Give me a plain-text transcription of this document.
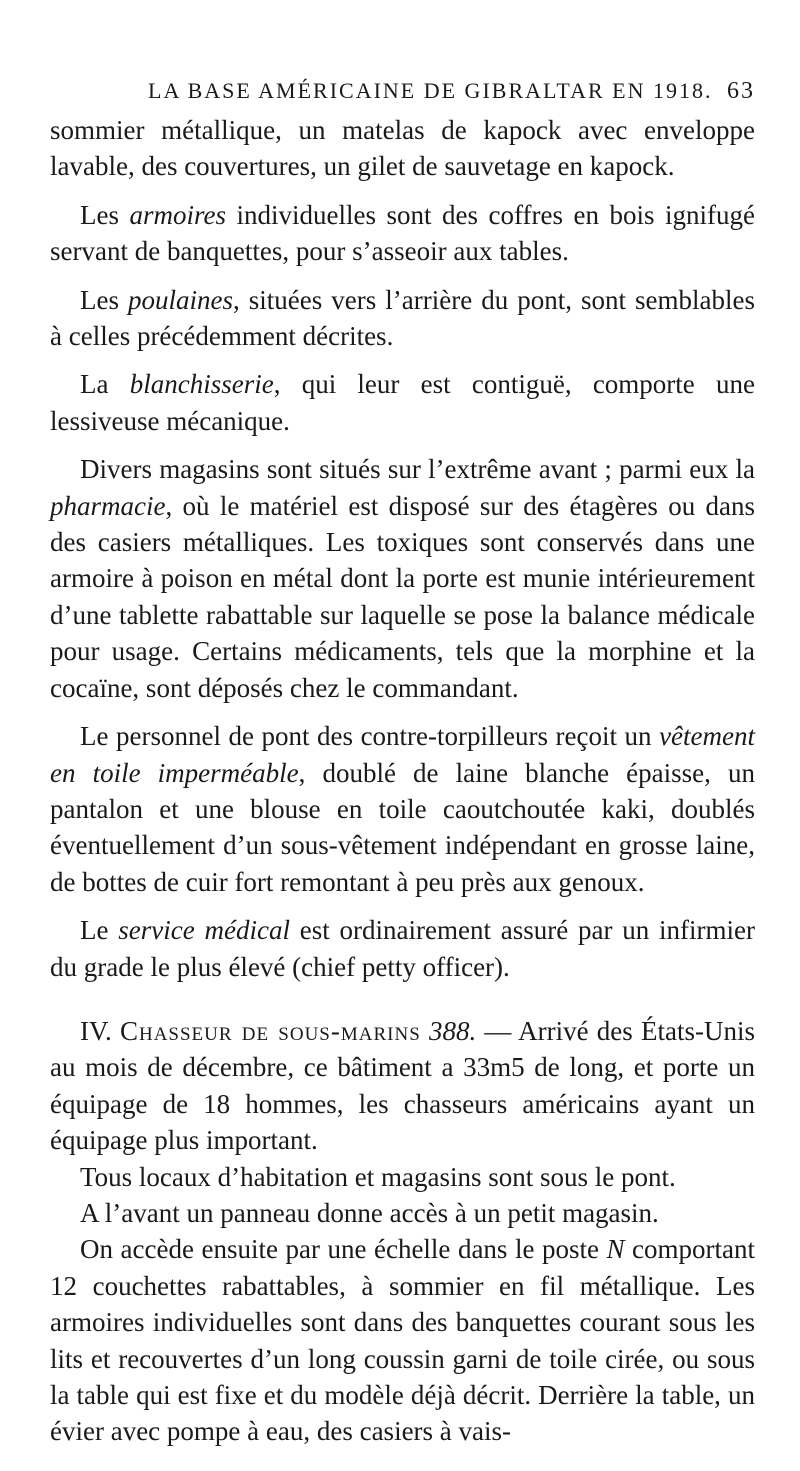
LA BASE AMÉRICAINE DE GIBRALTAR EN 1918. 63

sommier métallique, un matelas de kapock avec enveloppe lavable, des couvertures, un gilet de sauvetage en kapock.

Les armoires individuelles sont des coffres en bois ignifugé servant de banquettes, pour s’asseoir aux tables.

Les poulaines, situées vers l’arrière du pont, sont semblables à celles précédemment décrites.

La blanchisserie, qui leur est contiguë, comporte une lessiveuse mécanique.

Divers magasins sont situés sur l’extrême avant ; parmi eux la pharmacie, où le matériel est disposé sur des étagères ou dans des casiers métalliques. Les toxiques sont conservés dans une armoire à poison en métal dont la porte est munie intérieurement d’une tablette rabattable sur laquelle se pose la balance médicale pour usage. Certains médicaments, tels que la morphine et la cocaïne, sont déposés chez le commandant.

Le personnel de pont des contre-torpilleurs reçoit un vêtement en toile imperméable, doublé de laine blanche épaisse, un pantalon et une blouse en toile caoutchoutée kaki, doublés éventuellement d’un sous-vêtement indépendant en grosse laine, de bottes de cuir fort remontant à peu près aux genoux.

Le service médical est ordinairement assuré par un infirmier du grade le plus élevé (chief petty officer).

IV. Chasseur de sous-marins 388. — Arrivé des États-Unis au mois de décembre, ce bâtiment a 33m5 de long, et porte un équipage de 18 hommes, les chasseurs américains ayant un équipage plus important.

Tous locaux d’habitation et magasins sont sous le pont.

A l’avant un panneau donne accès à un petit magasin.

On accède ensuite par une échelle dans le poste N comportant 12 couchettes rabattables, à sommier en fil métallique. Les armoires individuelles sont dans des banquettes courant sous les lits et recouvertes d’un long coussin garni de toile cirée, ou sous la table qui est fixe et du modèle déjà décrit. Derrière la table, un évier avec pompe à eau, des casiers à vais-
